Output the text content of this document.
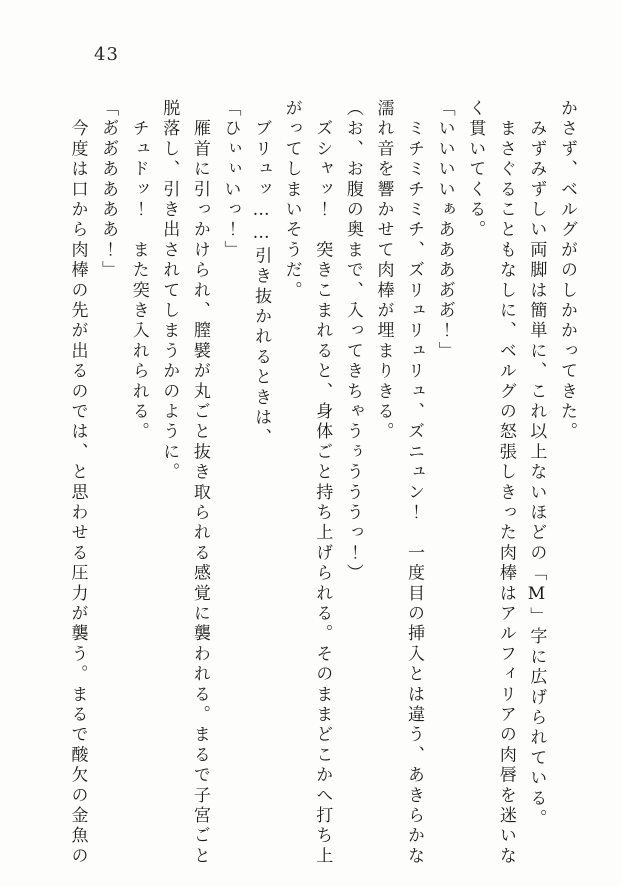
43
かさず、ベルグがのしかかってきた。
　みずみずしい両脚は簡単に、これ以上ないほどの「M」字に広げられている。
　まさぐることもなしに、ベルグの怒張しきった肉棒はアルフィリアの肉唇を迷いな
く貫いてくる。
「いいいいぁああああ゙あ゙！」
　ミチミチミチ、ズリュリュリュ、ズニュン！　一度目の挿入とは違う、あきらかな
濡れ音を響かせて肉棒が埋まりきる。
（お、お腹の奥まで、入ってきちゃうぅうううっ！）
　ズシャッ！　突きこまれると、身体ごと持ち上げられる。そのままどこかへ打ち上
がってしまいそうだ。
　ブリュッ……引き抜かれるときは、
「ひぃぃいっ！」
　雁首に引っかけられ、膣襞が丸ごと抜き取られる感覚に襲われる。まるで子宮ごと
脱落し、引き出されてしまうかのように。
　チュドッ！　また突き入れられる。
「あ゙あ゙ああああ！」
　今度は口から肉棒の先が出るのでは、と思わせる圧力が襲う。まるで酸欠の金魚の
